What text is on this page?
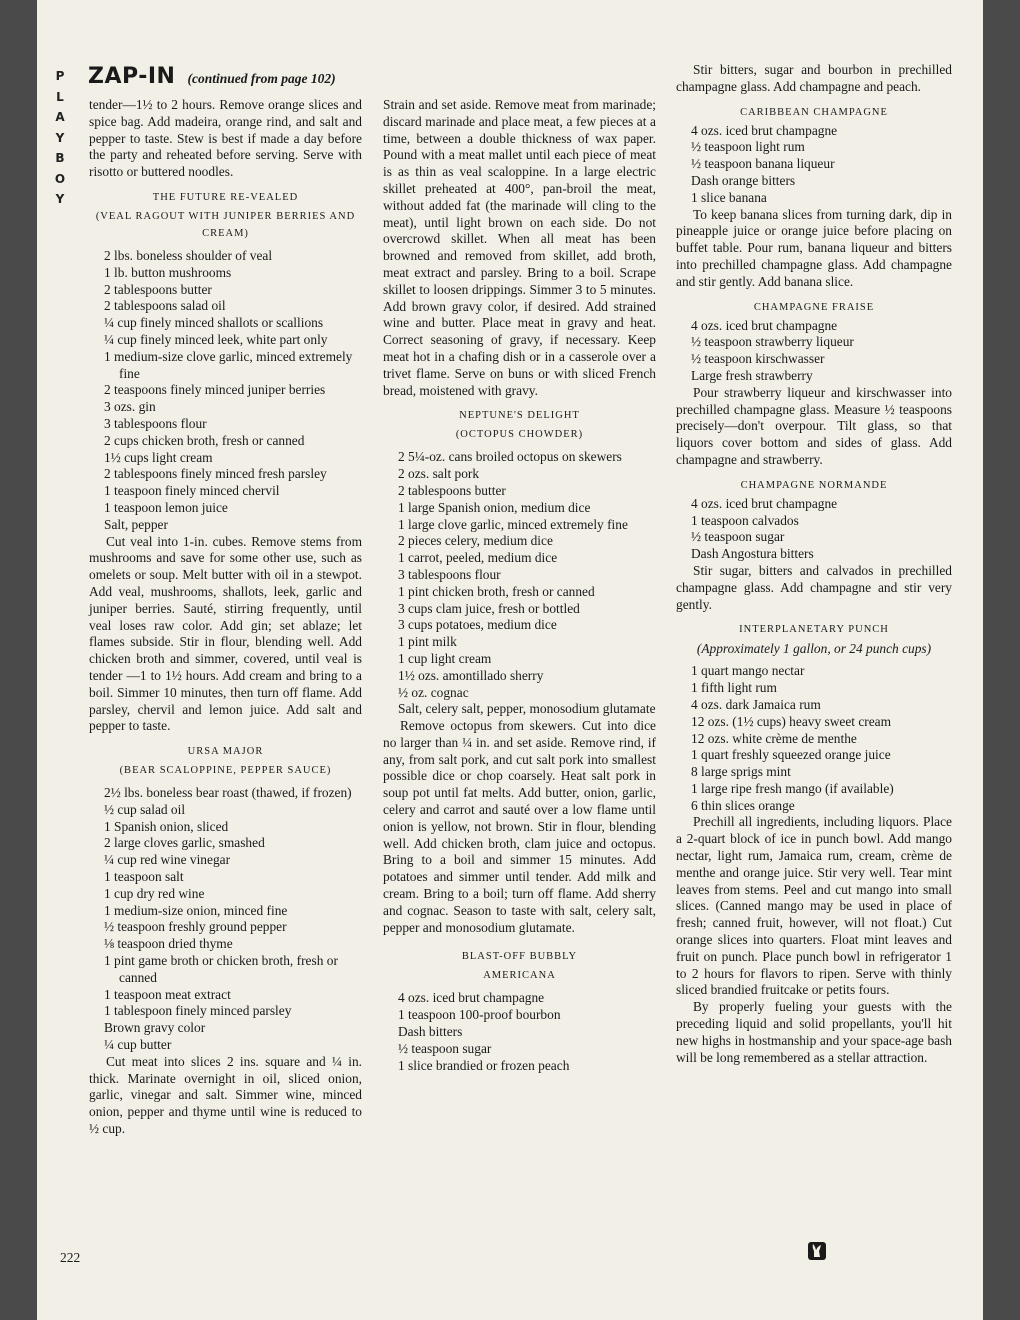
P
L
A
Y
B
O
Y
ZAP-IN (continued from page 102)

tender—1½ to 2 hours. Remove orange slices and spice bag. Add madeira, orange rind, and salt and pepper to taste. Stew is best if made a day before the party and reheated before serving. Serve with risotto or buttered noodles.

THE FUTURE RE-VEALED
(VEAL RAGOUT WITH JUNIPER BERRIES AND CREAM)
2 lbs. boneless shoulder of veal
1 lb. button mushrooms
2 tablespoons butter
2 tablespoons salad oil
¼ cup finely minced shallots or scallions
¼ cup finely minced leek, white part only
1 medium-size clove garlic, minced extremely fine
2 teaspoons finely minced juniper berries
3 ozs. gin
3 tablespoons flour
2 cups chicken broth, fresh or canned
1½ cups light cream
2 tablespoons finely minced fresh parsley
1 teaspoon finely minced chervil
1 teaspoon lemon juice
Salt, pepper

Cut veal into 1-in. cubes. Remove stems from mushrooms and save for some other use, such as omelets or soup. Melt butter with oil in a stewpot. Add veal, mushrooms, shallots, leek, garlic and juniper berries. Sauté, stirring frequently, until veal loses raw color. Add gin; set ablaze; let flames subside. Stir in flour, blending well. Add chicken broth and simmer, covered, until veal is tender —1 to 1½ hours. Add cream and bring to a boil. Simmer 10 minutes, then turn off flame. Add parsley, chervil and lemon juice. Add salt and pepper to taste.

URSA MAJOR
(BEAR SCALOPPINE, PEPPER SAUCE)
2½ lbs. boneless bear roast (thawed, if frozen)
½ cup salad oil
1 Spanish onion, sliced
2 large cloves garlic, smashed
¼ cup red wine vinegar
1 teaspoon salt
1 cup dry red wine
1 medium-size onion, minced fine
½ teaspoon freshly ground pepper
⅛ teaspoon dried thyme
1 pint game broth or chicken broth, fresh or canned
1 teaspoon meat extract
1 tablespoon finely minced parsley
Brown gravy color
¼ cup butter

Cut meat into slices 2 ins. square and ¼ in. thick. Marinate overnight in oil, sliced onion, garlic, vinegar and salt. Simmer wine, minced onion, pepper and thyme until wine is reduced to ½ cup.

Strain and set aside. Remove meat from marinade; discard marinade and place meat, a few pieces at a time, between a double thickness of wax paper. Pound with a meat mallet until each piece of meat is as thin as veal scaloppine. In a large electric skillet preheated at 400°, pan-broil the meat, without added fat (the marinade will cling to the meat), until light brown on each side. Do not overcrowd skillet. When all meat has been browned and removed from skillet, add broth, meat extract and parsley. Bring to a boil. Scrape skillet to loosen drippings. Simmer 3 to 5 minutes. Add brown gravy color, if desired. Add strained wine and butter. Place meat in gravy and heat. Correct seasoning of gravy, if necessary. Keep meat hot in a chafing dish or in a casserole over a trivet flame. Serve on buns or with sliced French bread, moistened with gravy.

NEPTUNE'S DELIGHT
(OCTOPUS CHOWDER)
2 5¼-oz. cans broiled octopus on skewers
2 ozs. salt pork
2 tablespoons butter
1 large Spanish onion, medium dice
1 large clove garlic, minced extremely fine
2 pieces celery, medium dice
1 carrot, peeled, medium dice
3 tablespoons flour
1 pint chicken broth, fresh or canned
3 cups clam juice, fresh or bottled
3 cups potatoes, medium dice
1 pint milk
1 cup light cream
1½ ozs. amontillado sherry
½ oz. cognac
Salt, celery salt, pepper, monosodium glutamate

Remove octopus from skewers. Cut into dice no larger than ¼ in. and set aside. Remove rind, if any, from salt pork, and cut salt pork into smallest possible dice or chop coarsely. Heat salt pork in soup pot until fat melts. Add butter, onion, garlic, celery and carrot and sauté over a low flame until onion is yellow, not brown. Stir in flour, blending well. Add chicken broth, clam juice and octopus. Bring to a boil and simmer 15 minutes. Add potatoes and simmer until tender. Add milk and cream. Bring to a boil; turn off flame. Add sherry and cognac. Season to taste with salt, celery salt, pepper and monosodium glutamate.

BLAST-OFF BUBBLY
AMERICANA
4 ozs. iced brut champagne
1 teaspoon 100-proof bourbon
Dash bitters
½ teaspoon sugar
1 slice brandied or frozen peach

Stir bitters, sugar and bourbon in prechilled champagne glass. Add champagne and peach.

CARIBBEAN CHAMPAGNE
4 ozs. iced brut champagne
½ teaspoon light rum
½ teaspoon banana liqueur
Dash orange bitters
1 slice banana

To keep banana slices from turning dark, dip in pineapple juice or orange juice before placing on buffet table. Pour rum, banana liqueur and bitters into prechilled champagne glass. Add champagne and stir gently. Add banana slice.

CHAMPAGNE FRAISE
4 ozs. iced brut champagne
½ teaspoon strawberry liqueur
½ teaspoon kirschwasser
Large fresh strawberry

Pour strawberry liqueur and kirschwasser into prechilled champagne glass. Measure ½ teaspoons precisely—don't overpour. Tilt glass, so that liquors cover bottom and sides of glass. Add champagne and strawberry.

CHAMPAGNE NORMANDE
4 ozs. iced brut champagne
1 teaspoon calvados
½ teaspoon sugar
Dash Angostura bitters

Stir sugar, bitters and calvados in prechilled champagne glass. Add champagne and stir very gently.

INTERPLANETARY PUNCH
(Approximately 1 gallon, or 24 punch cups)
1 quart mango nectar
1 fifth light rum
4 ozs. dark Jamaica rum
12 ozs. (1½ cups) heavy sweet cream
12 ozs. white crème de menthe
1 quart freshly squeezed orange juice
8 large sprigs mint
1 large ripe fresh mango (if available)
6 thin slices orange

Prechill all ingredients, including liquors. Place a 2-quart block of ice in punch bowl. Add mango nectar, light rum, Jamaica rum, cream, crème de menthe and orange juice. Stir very well. Tear mint leaves from stems. Peel and cut mango into small slices. (Canned mango may be used in place of fresh; canned fruit, however, will not float.) Cut orange slices into quarters. Float mint leaves and fruit on punch. Place punch bowl in refrigerator 1 to 2 hours for flavors to ripen. Serve with thinly sliced brandied fruitcake or petits fours.

By properly fueling your guests with the preceding liquid and solid propellants, you'll hit new highs in hostmanship and your space-age bash will be long remembered as a stellar attraction.

222
